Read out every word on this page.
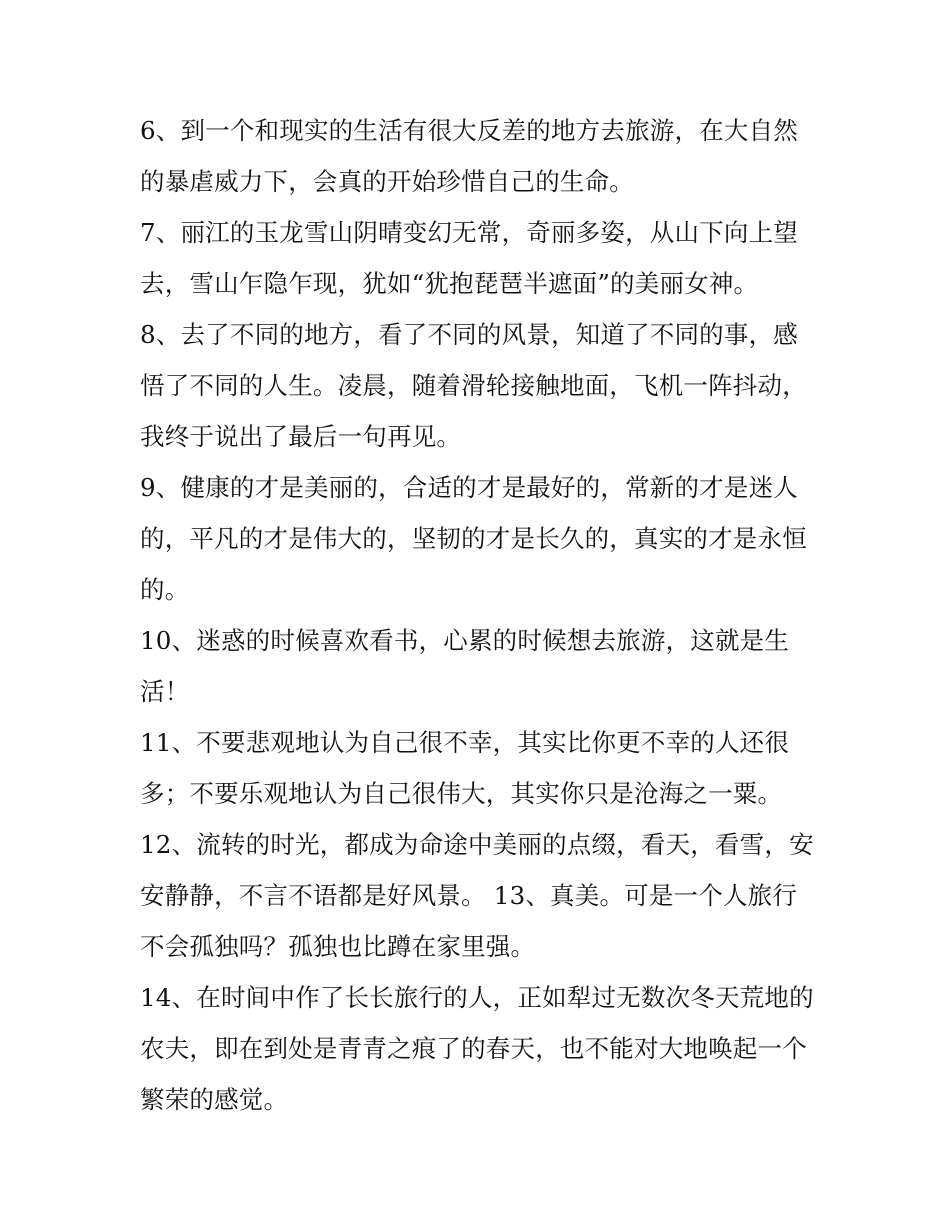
6、到一个和现实的生活有很大反差的地方去旅游，在大自然
的暴虐威力下，会真的开始珍惜自己的生命。
7、丽江的玉龙雪山阴晴变幻无常，奇丽多姿，从山下向上望
去，雪山乍隐乍现，犹如“犹抱琵琶半遮面”的美丽女神。
8、去了不同的地方，看了不同的风景，知道了不同的事，感
悟了不同的人生。凌晨，随着滑轮接触地面，飞机一阵抖动，
我终于说出了最后一句再见。
9、健康的才是美丽的，合适的才是最好的，常新的才是迷人
的，平凡的才是伟大的，坚韧的才是长久的，真实的才是永恒
的。
10、迷惑的时候喜欢看书，心累的时候想去旅游，这就是生
活！
11、不要悲观地认为自己很不幸，其实比你更不幸的人还很
多；不要乐观地认为自己很伟大，其实你只是沧海之一粟。
12、流转的时光，都成为命途中美丽的点缀，看天，看雪，安
安静静，不言不语都是好风景。 13、真美。可是一个人旅行
不会孤独吗？孤独也比蹲在家里强。
14、在时间中作了长长旅行的人，正如犁过无数次冬天荒地的
农夫，即在到处是青青之痕了的春天，也不能对大地唤起一个
繁荣的感觉。
